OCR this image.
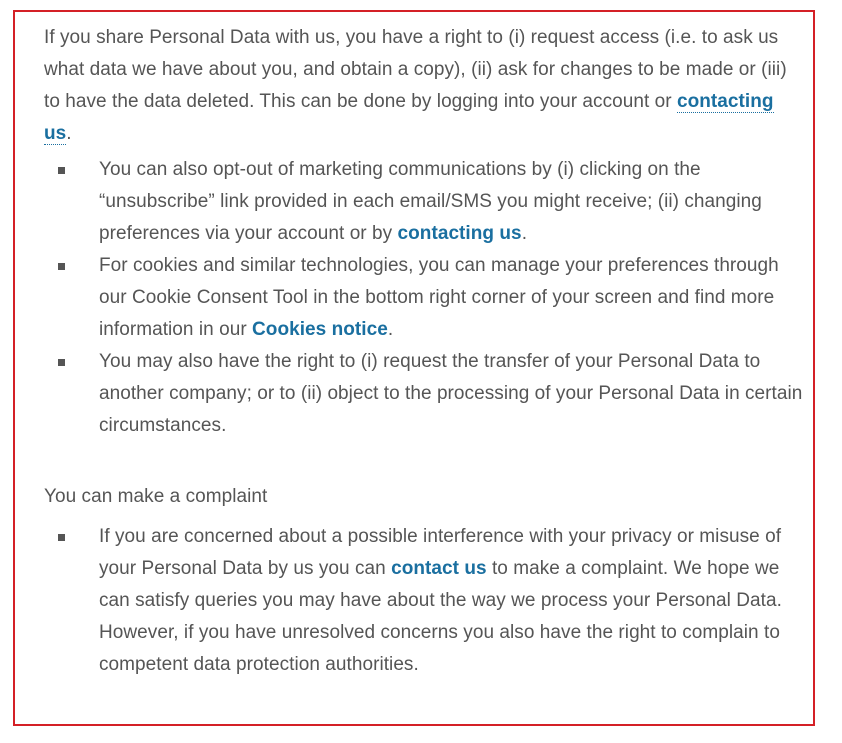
If you share Personal Data with us, you have a right to (i) request access (i.e. to ask us what data we have about you, and obtain a copy), (ii) ask for changes to be made or (iii) to have the data deleted. This can be done by logging into your account or contacting us.

You can also opt-out of marketing communications by (i) clicking on the “unsubscribe” link provided in each email/SMS you might receive; (ii) changing preferences via your account or by contacting us.
For cookies and similar technologies, you can manage your preferences through our Cookie Consent Tool in the bottom right corner of your screen and find more information in our Cookies notice.
You may also have the right to (i) request the transfer of your Personal Data to another company; or to (ii) object to the processing of your Personal Data in certain circumstances.

You can make a complaint

If you are concerned about a possible interference with your privacy or misuse of your Personal Data by us you can contact us to make a complaint. We hope we can satisfy queries you may have about the way we process your Personal Data. However, if you have unresolved concerns you also have the right to complain to competent data protection authorities.
